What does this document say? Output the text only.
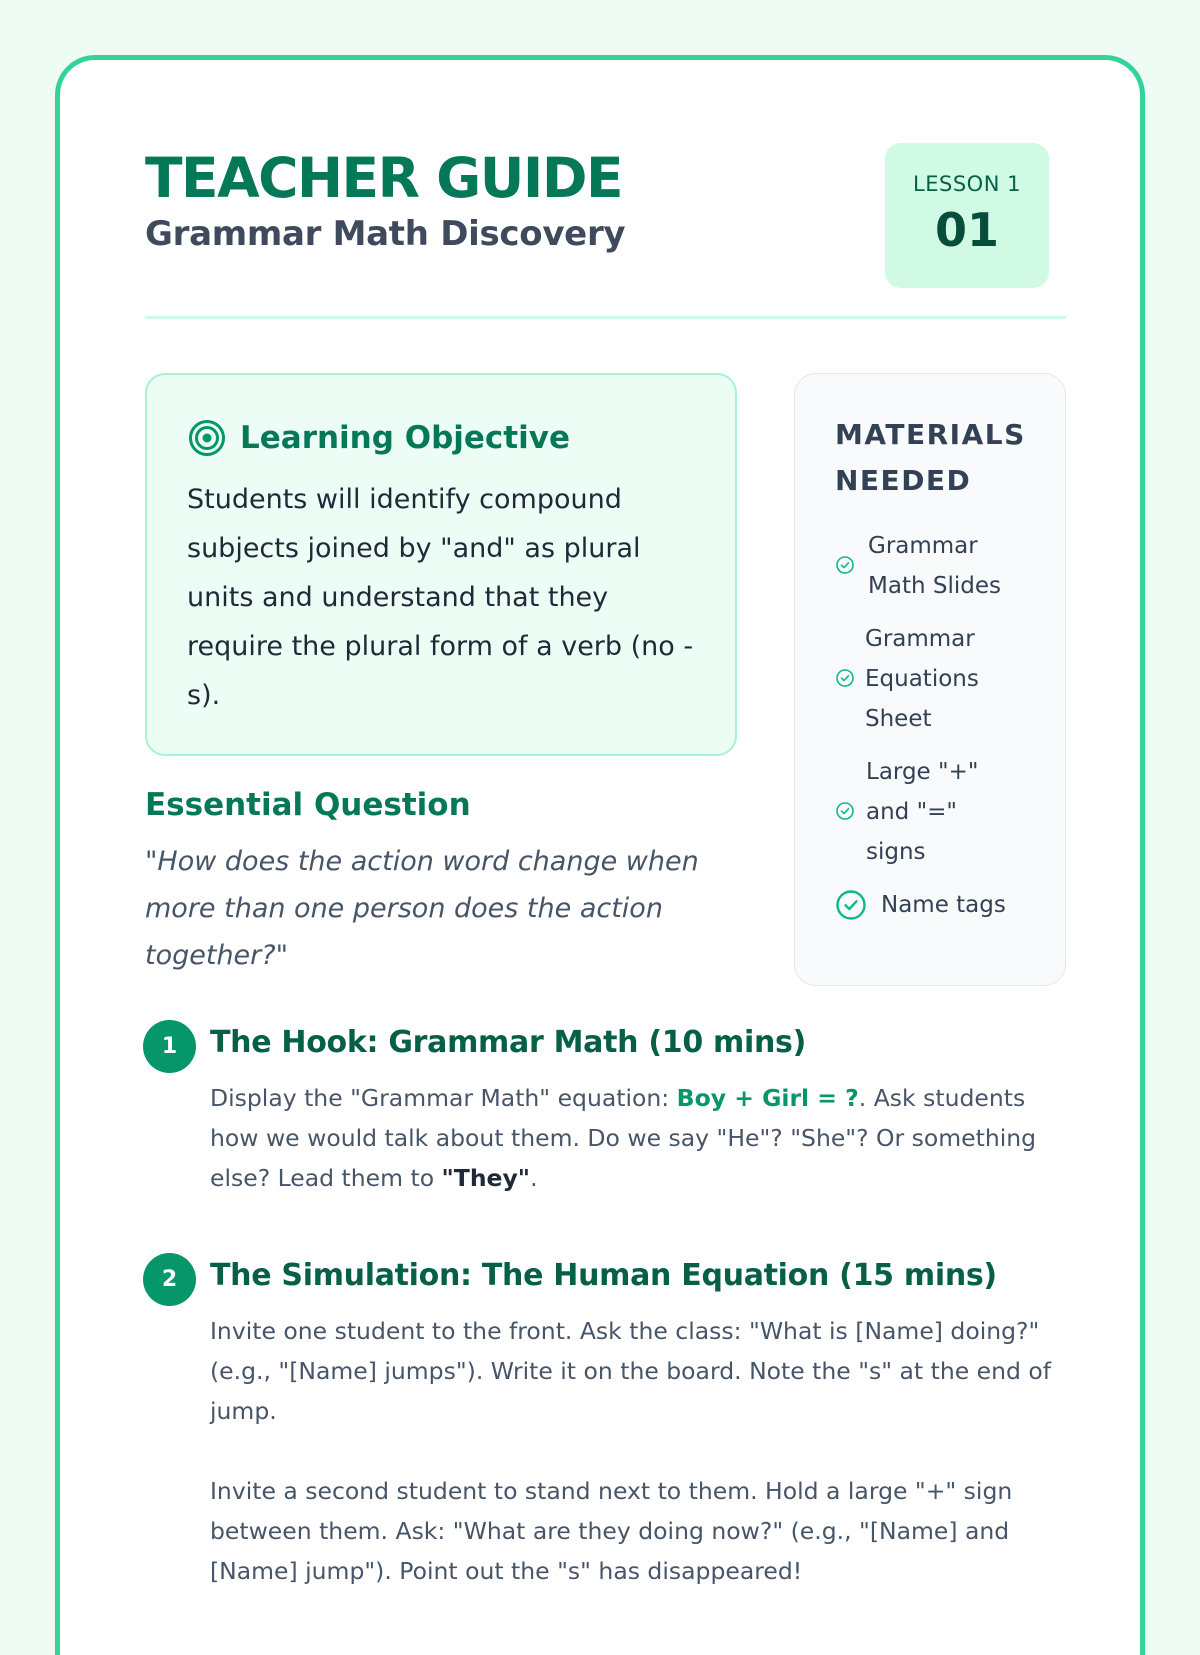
TEACHER GUIDE
Grammar Math Discovery
LESSON 1
01
Learning Objective
Students will identify compound subjects joined by "and" as plural units and understand that they require the plural form of a verb (no -s).
Essential Question
"How does the action word change when more than one person does the action together?"
MATERIALS NEEDED
Grammar Math Slides
Grammar Equations Sheet
Large "+" and "=" signs
Name tags
1	The Hook: Grammar Math (10 mins)
Display the "Grammar Math" equation: Boy + Girl = ?. Ask students how we would talk about them. Do we say "He"? "She"? Or something else? Lead them to "They".
2	The Simulation: The Human Equation (15 mins)

Invite one student to the front. Ask the class: "What is [Name] doing?" (e.g., "[Name] jumps"). Write it on the board. Note the "s" at the end of jump.

Invite a second student to stand next to them. Hold a large "+" sign between them. Ask: "What are they doing now?" (e.g., "[Name] and [Name] jump"). Point out the "s" has disappeared!
